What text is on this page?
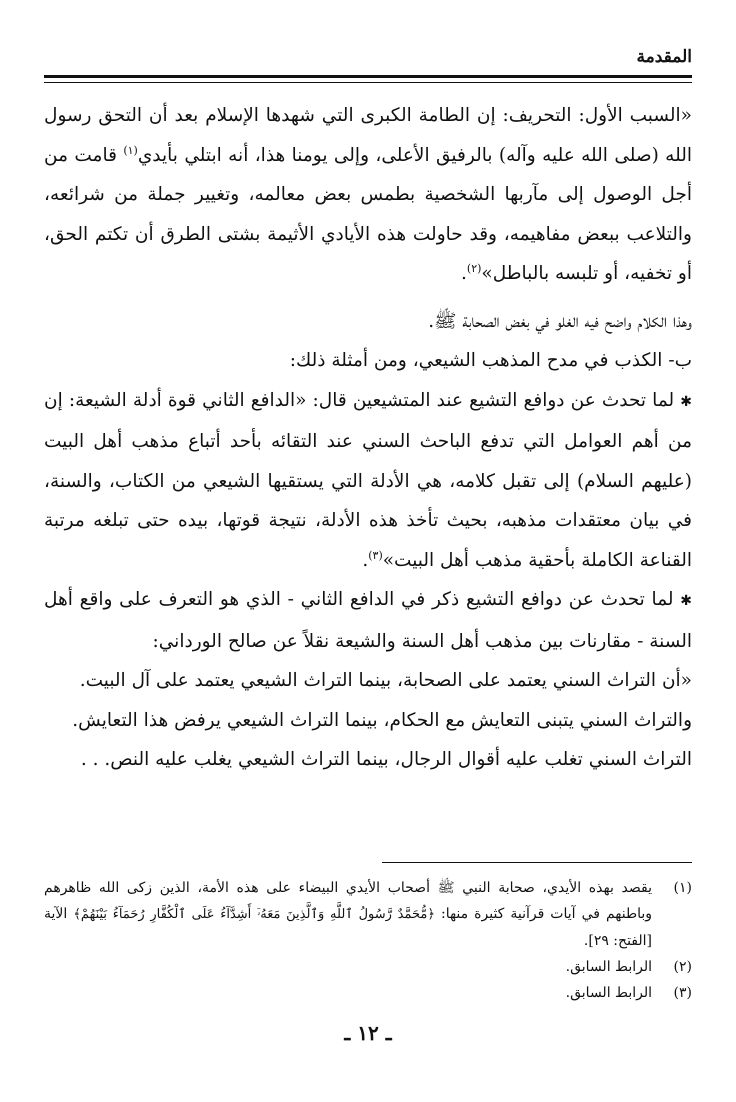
المقدمة

«السبب الأول: التحريف: إن الطامة الكبرى التي شهدها الإسلام بعد أن التحق رسول الله (صلى الله عليه وآله) بالرفيق الأعلى، وإلى يومنا هذا، أنه ابتلي بأيدي$^{(١)}$ قامت من أجل الوصول إلى مآربها الشخصية بطمس بعض معالمه، وتغيير جملة من شرائعه، والتلاعب ببعض مفاهيمه، وقد حاولت هذه الأيادي الأثيمة بشتى الطرق أن تكتم الحق، أو تخفيه، أو تلبسه بالباطل»$^{(٢)}$.

وهذا الكلام واضح فيه الغلو في بغض الصحابة ﷺ.

ب- الكذب في مدح المذهب الشيعي، ومن أمثلة ذلك:

✱ لما تحدث عن دوافع التشيع عند المتشيعين قال: «الدافع الثاني قوة أدلة الشيعة: إن من أهم العوامل التي تدفع الباحث السني عند التقائه بأحد أتباع مذهب أهل البيت (عليهم السلام) إلى تقبل كلامه، هي الأدلة التي يستقيها الشيعي من الكتاب، والسنة، في بيان معتقدات مذهبه، بحيث تأخذ هذه الأدلة، نتيجة قوتها، بيده حتى تبلغه مرتبة القناعة الكاملة بأحقية مذهب أهل البيت»$^{(٣)}$.

✱ لما تحدث عن دوافع التشيع ذكر في الدافع الثاني - الذي هو التعرف على واقع أهل السنة - مقارنات بين مذهب أهل السنة والشيعة نقلاً عن صالح الورداني:

«أن التراث السني يعتمد على الصحابة، بينما التراث الشيعي يعتمد على آل البيت.

والتراث السني يتبنى التعايش مع الحكام، بينما التراث الشيعي يرفض هذا التعايش.

التراث السني تغلب عليه أقوال الرجال، بينما التراث الشيعي يغلب عليه النص. . .

(١)
يقصد بهذه الأيدي، صحابة النبي ﷺ أصحاب الأيدي البيضاء على هذه الأمة، الذين زكى الله ظاهرهم وباطنهم في آيات قرآنية كثيرة منها: ﴿مُّحَمَّدٌ رَّسُولُ ٱللَّهِ وَٱلَّذِينَ مَعَهُۥٓ أَشِدَّآءُ عَلَى ٱلْكُفَّارِ رُحَمَآءُ بَيْنَهُمْ﴾ الآية [الفتح: ٢٩].
(٢)
الرابط السابق.
(٣)
الرابط السابق.
ـ ١٢ ـ
